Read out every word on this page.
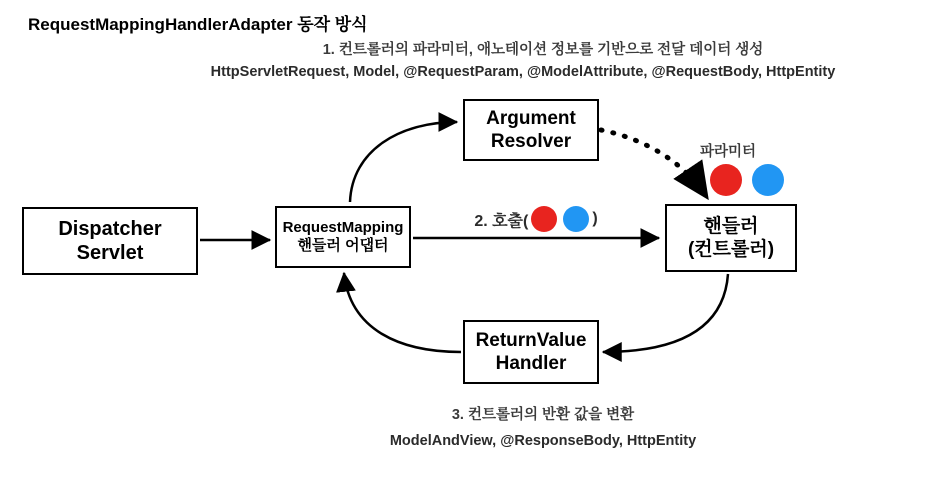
RequestMappingHandlerAdapter 동작 방식
1. 컨트롤러의 파라미터, 애노테이션 정보를 기반으로 전달 데이터 생성
HttpServletRequest, Model, @RequestParam, @ModelAttribute, @RequestBody, HttpEntity
3. 컨트롤러의 반환 값을 변환
ModelAndView, @ResponseBody, HttpEntity
Dispatcher
Servlet
Argument
Resolver
RequestMapping
핸들러 어댑터
핸들러
(컨트롤러)
ReturnValue
Handler
2. 호출(	)
파라미터
